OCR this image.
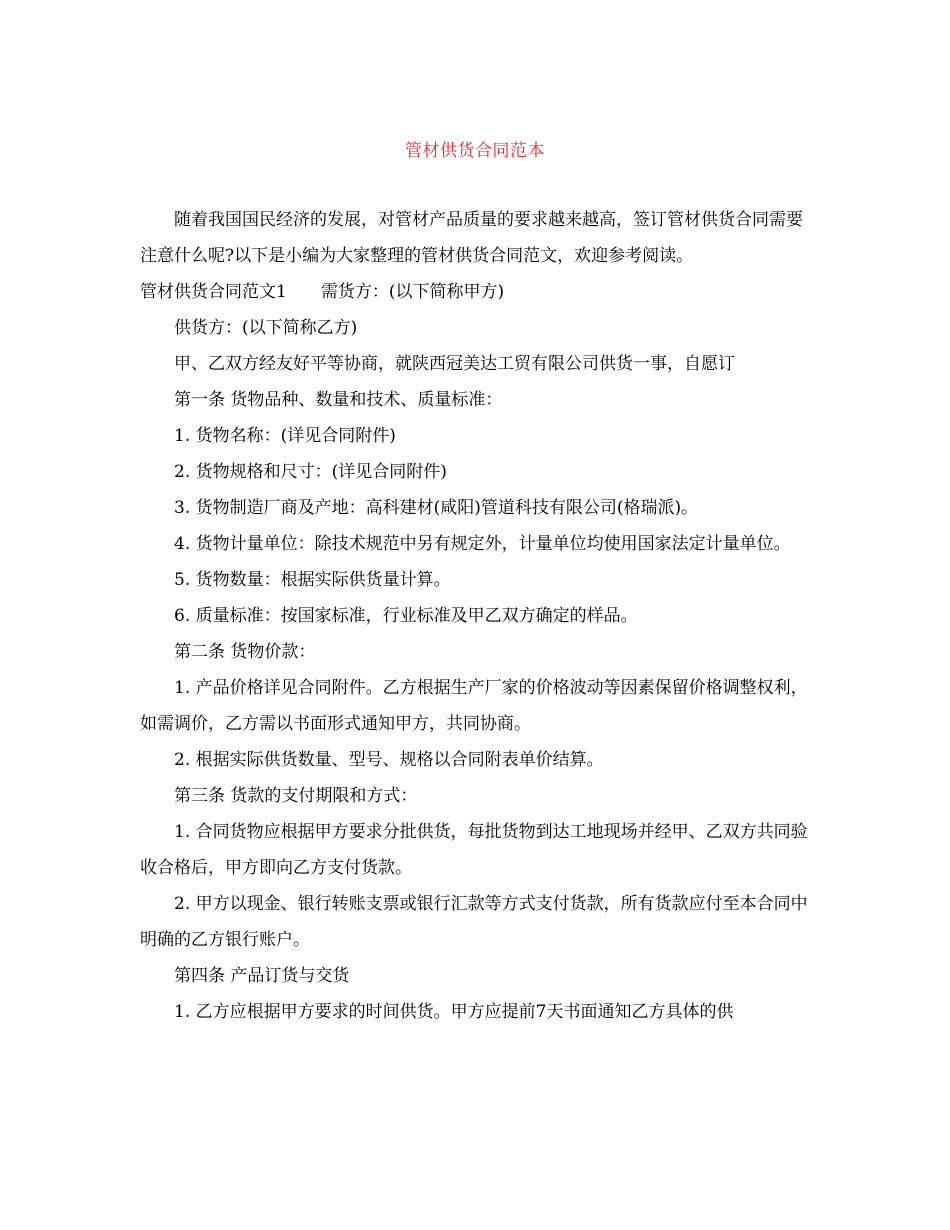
管材供货合同范本

随着我国国民经济的发展，对管材产品质量的要求越来越高，签订管材供货合同需要注意什么呢?以下是小编为大家整理的管材供货合同范文，欢迎参考阅读。

管材供货合同范文1 需货方：(以下简称甲方)

供货方：(以下简称乙方)

甲、乙双方经友好平等协商，就陕西冠美达工贸有限公司供货一事，自愿订

第一条 货物品种、数量和技术、质量标准：

1. 货物名称：(详见合同附件)

2. 货物规格和尺寸：(详见合同附件)

3. 货物制造厂商及产地：高科建材(咸阳)管道科技有限公司(格瑞派)。

4. 货物计量单位：除技术规范中另有规定外，计量单位均使用国家法定计量单位。

5. 货物数量：根据实际供货量计算。

6. 质量标准：按国家标准，行业标准及甲乙双方确定的样品。

第二条 货物价款：

1. 产品价格详见合同附件。乙方根据生产厂家的价格波动等因素保留价格调整权利，如需调价，乙方需以书面形式通知甲方，共同协商。

2. 根据实际供货数量、型号、规格以合同附表单价结算。

第三条 货款的支付期限和方式：

1. 合同货物应根据甲方要求分批供货，每批货物到达工地现场并经甲、乙双方共同验收合格后，甲方即向乙方支付货款。

2. 甲方以现金、银行转账支票或银行汇款等方式支付货款，所有货款应付至本合同中明确的乙方银行账户。

第四条 产品订货与交货

1. 乙方应根据甲方要求的时间供货。甲方应提前7天书面通知乙方具体的供
